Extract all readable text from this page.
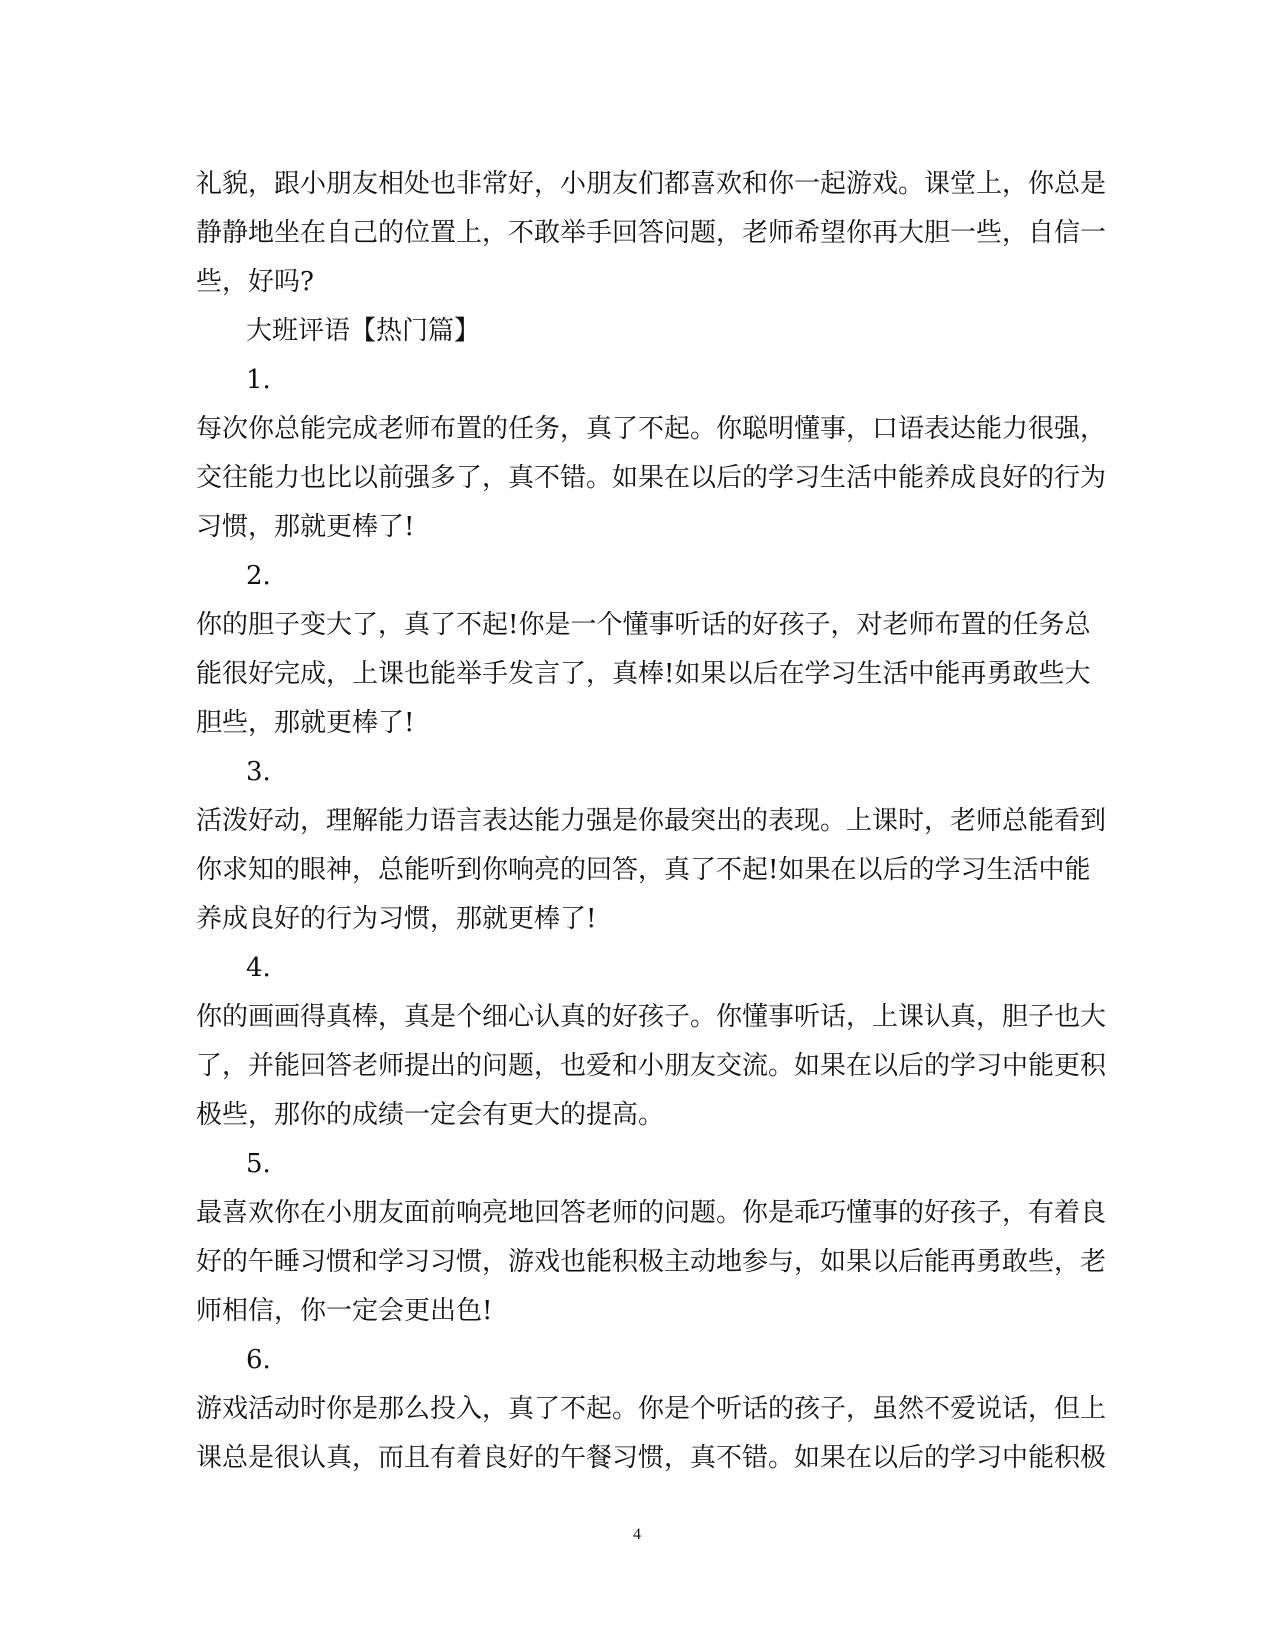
礼貌，跟小朋友相处也非常好，小朋友们都喜欢和你一起游戏。课堂上，你总是
静静地坐在自己的位置上，不敢举手回答问题，老师希望你再大胆一些，自信一
些，好吗?
大班评语【热门篇】
1.
每次你总能完成老师布置的任务，真了不起。你聪明懂事，口语表达能力很强，
交往能力也比以前强多了，真不错。如果在以后的学习生活中能养成良好的行为
习惯，那就更棒了!
2.
你的胆子变大了，真了不起!你是一个懂事听话的好孩子，对老师布置的任务总
能很好完成，上课也能举手发言了，真棒!如果以后在学习生活中能再勇敢些大
胆些，那就更棒了!
3.
活泼好动，理解能力语言表达能力强是你最突出的表现。上课时，老师总能看到
你求知的眼神，总能听到你响亮的回答，真了不起!如果在以后的学习生活中能
养成良好的行为习惯，那就更棒了!
4.
你的画画得真棒，真是个细心认真的好孩子。你懂事听话，上课认真，胆子也大
了，并能回答老师提出的问题，也爱和小朋友交流。如果在以后的学习中能更积
极些，那你的成绩一定会有更大的提高。
5.
最喜欢你在小朋友面前响亮地回答老师的问题。你是乖巧懂事的好孩子，有着良
好的午睡习惯和学习习惯，游戏也能积极主动地参与，如果以后能再勇敢些，老
师相信，你一定会更出色!
6.
游戏活动时你是那么投入，真了不起。你是个听话的孩子，虽然不爱说话，但上
课总是很认真，而且有着良好的午餐习惯，真不错。如果在以后的学习中能积极
4
